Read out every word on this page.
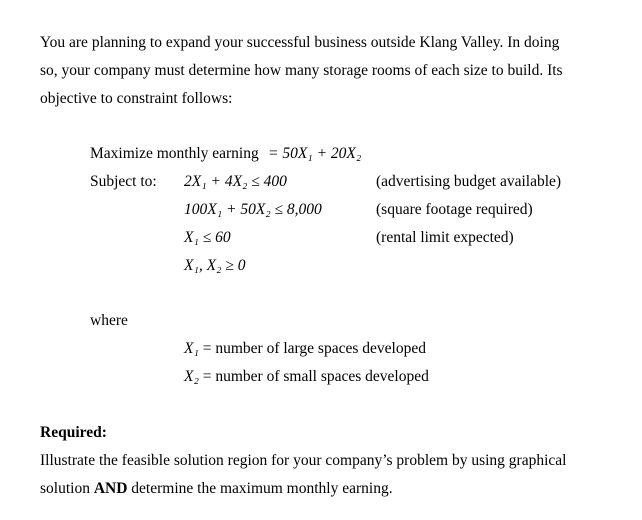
You are planning to expand your successful business outside Klang Valley. In doing
so, your company must determine how many storage rooms of each size to build. Its
objective to constraint follows:
Maximize monthly earning = 50X₁ + 20X₂
Subject to: 2X₁ + 4X₂ ≤ 400	(advertising budget available)
100X₁ + 50X₂ ≤ 8,000	(square footage required)
X₁ ≤ 60	(rental limit expected)
X₁, X₂ ≥ 0
where
X₁ = number of large spaces developed
X₂ = number of small spaces developed
Required:
Illustrate the feasible solution region for your company’s problem by using graphical
solution AND determine the maximum monthly earning.
